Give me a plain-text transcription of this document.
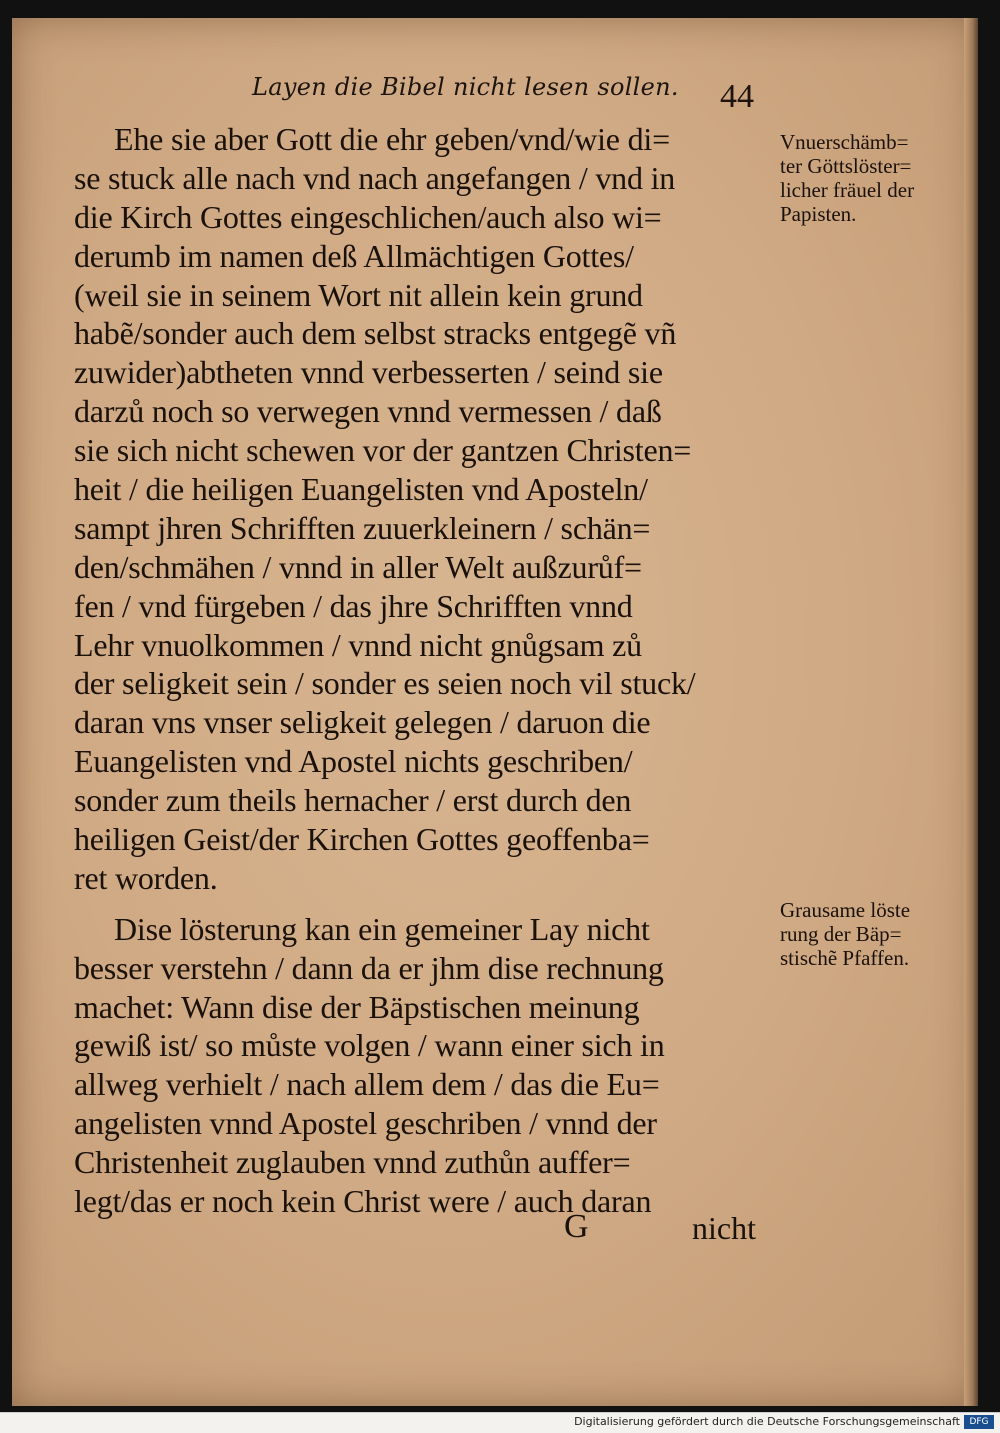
Layen die Bibel nicht lesen sollen. 44
Ehe sie aber Gott die ehr geben/vnd/wie di=
se stuck alle nach vnd nach angefangen / vnd in
die Kirch Gottes eingeschlichen/auch also wi=
derumb im namen deß Allmächtigen Gottes/
(weil sie in seinem Wort nit allein kein grund
habẽ/sonder auch dem selbst stracks entgegẽ vñ
zuwider)abtheten vnnd verbesserten / seind sie
darzů noch so verwegen vnnd vermessen / daß
sie sich nicht schewen vor der gantzen Christen=
heit / die heiligen Euangelisten vnd Aposteln/
sampt jhren Schrifften zuuerkleinern / schän=
den/schmähen / vnnd in aller Welt außzurůf=
fen / vnd fürgeben / das jhre Schrifften vnnd
Lehr vnuolkommen / vnnd nicht gnůgsam zů
der seligkeit sein / sonder es seien noch vil stuck/
daran vns vnser seligkeit gelegen / daruon die
Euangelisten vnd Apostel nichts geschriben/
sonder zum theils hernacher / erst durch den
heiligen Geist/der Kirchen Gottes geoffenba=
ret worden.
Dise lösterung kan ein gemeiner Lay nicht
besser verstehn / dann da er jhm dise rechnung
machet: Wann dise der Bäpstischen meinung
gewiß ist/ so můste volgen / wann einer sich in
allweg verhielt / nach allem dem / das die Eu=
angelisten vnnd Apostel geschriben / vnnd der
Christenheit zuglauben vnnd zuthůn auffer=
legt/das er noch kein Christ were / auch daran
Vnuerschämb=
ter Göttslöster=
licher fräuel der
Papisten.
Grausame löste
rung der Bäp=
stischẽ Pfaffen.
G	nicht
Digitalisierung gefördert durch die Deutsche Forschungsgemeinschaft	DFG
